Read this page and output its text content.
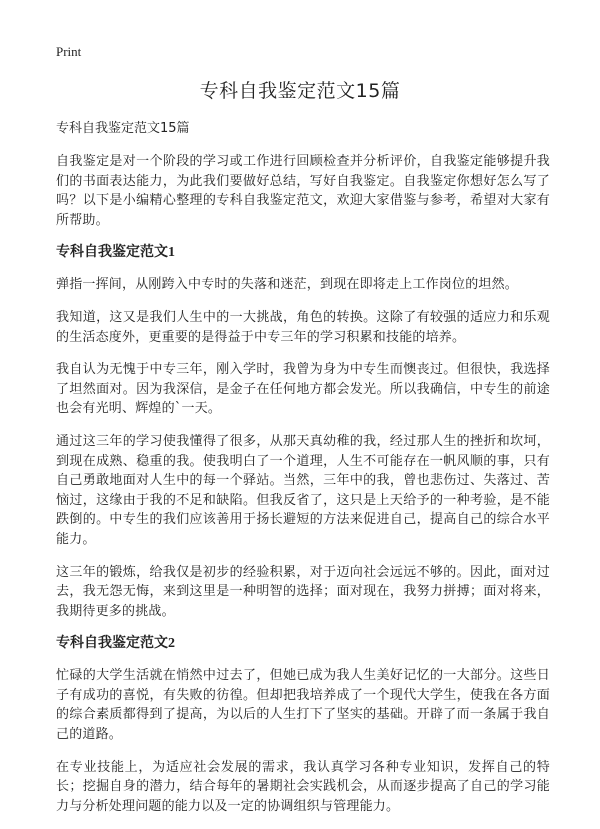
Print
专科自我鉴定范文15篇

专科自我鉴定范文15篇

自我鉴定是对一个阶段的学习或工作进行回顾检查并分析评价，自我鉴定能够提升我们的书面表达能力，为此我们要做好总结，写好自我鉴定。自我鉴定你想好怎么写了吗？以下是小编精心整理的专科自我鉴定范文，欢迎大家借鉴与参考，希望对大家有所帮助。

专科自我鉴定范文1

弹指一挥间，从刚跨入中专时的失落和迷茫，到现在即将走上工作岗位的坦然。

我知道，这又是我们人生中的一大挑战，角色的转换。这除了有较强的适应力和乐观的生活态度外，更重要的是得益于中专三年的学习积累和技能的培养。

我自认为无愧于中专三年，刚入学时，我曾为身为中专生而懊丧过。但很快，我选择了坦然面对。因为我深信，是金子在任何地方都会发光。所以我确信，中专生的前途也会有光明、辉煌的`一天。

通过这三年的学习使我懂得了很多，从那天真幼稚的我，经过那人生的挫折和坎坷，到现在成熟、稳重的我。使我明白了一个道理，人生不可能存在一帆风顺的事，只有自己勇敢地面对人生中的每一个驿站。当然，三年中的我，曾也悲伤过、失落过、苦恼过，这缘由于我的不足和缺陷。但我反省了，这只是上天给予的一种考验，是不能跌倒的。中专生的我们应该善用于扬长避短的方法来促进自己，提高自己的综合水平能力。

这三年的锻炼，给我仅是初步的经验积累，对于迈向社会远远不够的。因此，面对过去，我无怨无悔，来到这里是一种明智的选择；面对现在，我努力拼搏；面对将来，我期待更多的挑战。

专科自我鉴定范文2

忙碌的大学生活就在悄然中过去了，但她已成为我人生美好记忆的一大部分。这些日子有成功的喜悦，有失败的彷徨。但却把我培养成了一个现代大学生，使我在各方面的综合素质都得到了提高，为以后的人生打下了坚实的基础。开辟了而一条属于我自己的道路。

在专业技能上，为适应社会发展的需求，我认真学习各种专业知识，发挥自己的特长；挖掘自身的潜力，结合每年的暑期社会实践机会，从而逐步提高了自己的学习能力与分析处理问题的能力以及一定的协调组织与管理能力。
